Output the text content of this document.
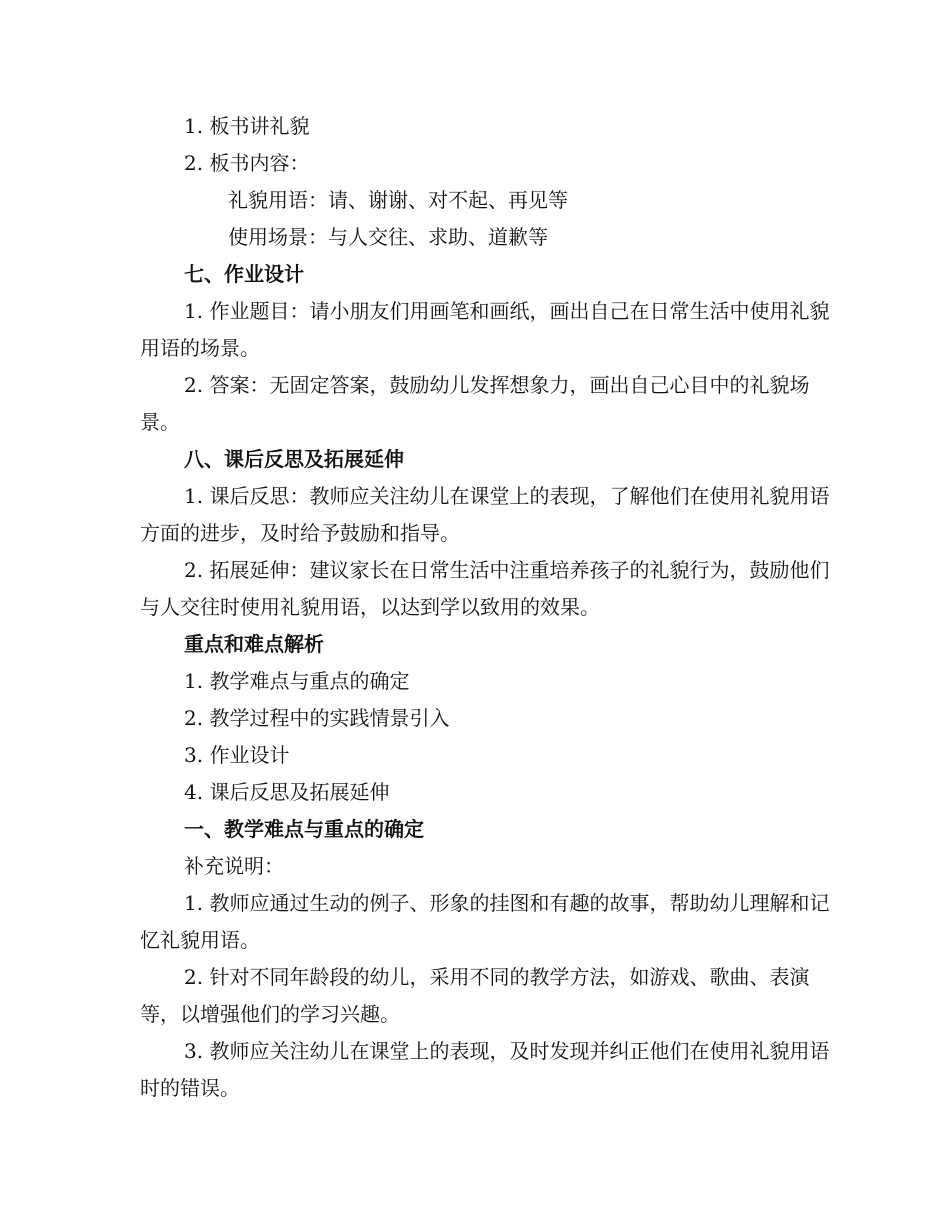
1. 板书讲礼貌

2. 板书内容：

礼貌用语：请、谢谢、对不起、再见等

使用场景：与人交往、求助、道歉等

七、作业设计

1. 作业题目：请小朋友们用画笔和画纸，画出自己在日常生活中使用礼貌用语的场景。

2. 答案：无固定答案，鼓励幼儿发挥想象力，画出自己心目中的礼貌场景。

八、课后反思及拓展延伸

1. 课后反思：教师应关注幼儿在课堂上的表现，了解他们在使用礼貌用语方面的进步，及时给予鼓励和指导。

2. 拓展延伸：建议家长在日常生活中注重培养孩子的礼貌行为，鼓励他们与人交往时使用礼貌用语，以达到学以致用的效果。

重点和难点解析

1. 教学难点与重点的确定

2. 教学过程中的实践情景引入

3. 作业设计

4. 课后反思及拓展延伸

一、教学难点与重点的确定

补充说明：

1. 教师应通过生动的例子、形象的挂图和有趣的故事，帮助幼儿理解和记忆礼貌用语。

2. 针对不同年龄段的幼儿，采用不同的教学方法，如游戏、歌曲、表演等，以增强他们的学习兴趣。

3. 教师应关注幼儿在课堂上的表现，及时发现并纠正他们在使用礼貌用语时的错误。
